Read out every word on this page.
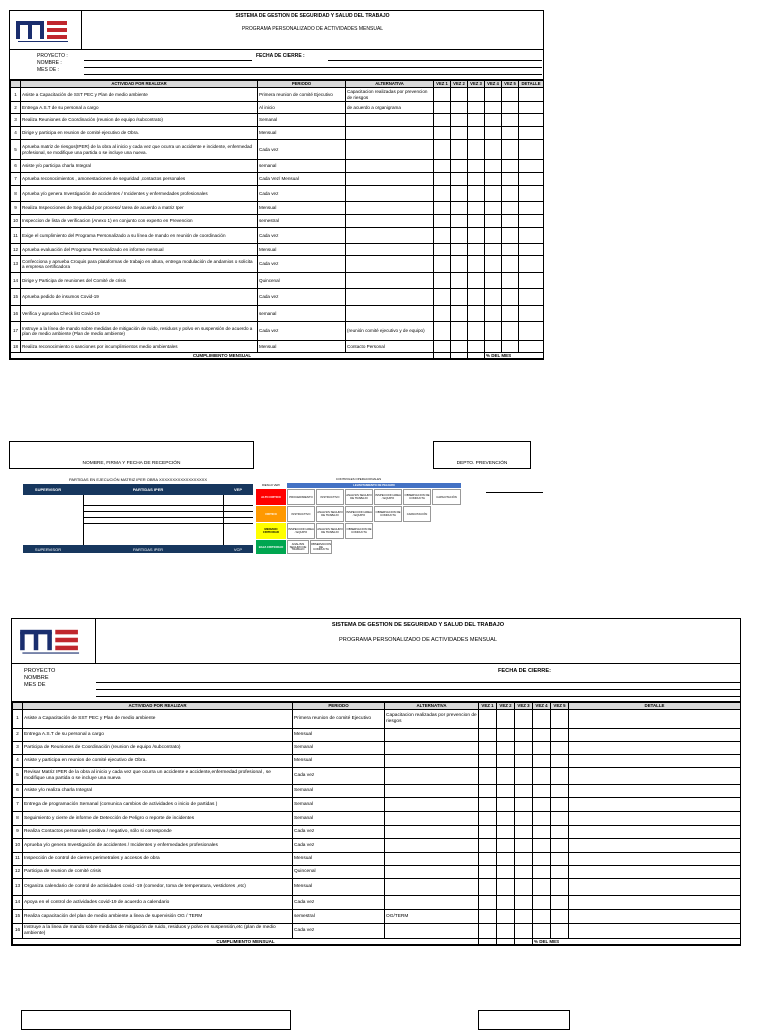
SISTEMA DE GESTION DE SEGURIDAD Y SALUD DEL TRABAJO
PROGRAMA PERSONALIZADO DE ACTIVIDADES MENSUAL
PROYECTO :
NOMBRE :
MES DE :
FECHA DE CIERRE :
	ACTIVIDAD POR REALIZAR	PERIODO	ALTERNATIVA	VEZ 1	VEZ 2	VEZ 3	VEZ 4	VEZ 5	DETALLE
1	Asiste a Capacitación de SST PEC y Plan de medio ambiente	Primera reunion de comité Ejecutivo	Capacitacion realizadas por prevencion de riesgos						
2	Entrega A.S.T de su personal a cargo	Al inicio	de acuerdo a organigrama						
3	Realiza Reuniones de Coordinación (reunion de equipo /subcontrato)	Semanal							
4	Dirige y participa en reunion de comité ejecutivo de Obra.	Mensual							
5	Aprueba matriz de riesgos(IPER) de la obra al inicio y cada vez que ocurra un accidente e incidente, enfermedad profesional, se modifique una partida o se incluye una nueva.	Cada vez							
6	Asiste y/o participa charla Integral	semanal							
7	Aprueba reconocimientos , amonestaciones de seguridad ,contactos personales	Cada Vez/ Mensual							
8	Aprueba y/o genera Investigación de accidentes / Incidentes y enfermedades profesionales	Cada vez							
9	Realiza Inspecciones de Seguridad por proceso/ tarea de acuerdo a matriz Iper	Mensual							
10	Inspeccion de lista de verificacion (Anexo 1) en conjunto con experto en Prevencion	semestral							
11	Exige el cumplimiento del Programa Personalizado a su línea de mando en reunión de coordinación	Cada vez							
12	Aprueba evaluación del Programa Personalizado en informe mensual	Mensual							
13	Confecciona y aprueba Croquis para plataformas de trabajo en altura, entrega modulación de andamios o solicita a empresa certificadora	Cada vez							
14	Dirige y Participa de reuniones del Comité de crisis	Quincenal							
15	Aprueba pedido de insumos Covid-19	Cada vez							
16	Verifica y aprueba Check list Covid-19	semanal							
17	Instruye a la línea de mando sobre medidas de mitigación de ruido, residuos y polvo en suspensión de acuerdo a plan de medio ambiente (Plan de medio ambiente)	Cada vez	(reunión comité ejecutivo y de equipo)						
18	Realiza reconocimiento o sanciones por incumplimientos medio ambientales	Mensual	Contacto Personal						
CUMPLIMIENTO MENSUAL							% DEL MES		
NOMBRE, FIRMA Y FECHA DE RECEPCIÓN	DEPTO. PREVENCIÓN
PARTIDAS EN EJECUCIÓN MATRIZ IPER OBRA XXXXXXXXXXXXXXXXXX
SUPERVISOR	PARTIDAS IPER	VEP
SUPERVISOR	PARTIDAS IPER	VCP
CONTROLES OPERACIONALES
RIESGO VEPI	LEVANTAMIENTO DE PELIGRO
ALTO CRITICO
CRITICO
MEDIANO CRITICIDAD
BAJA CRITICIDAD
PROCEDIMIENTO	INSTRUCTIVO	ANALISIS SEGURO DE TRABAJO
INSPECCION AREA / EQUIPO
OBSERVACION DE CONDUCTA	CAPACITACIÓN
INSTRUCTIVO	ANALISIS SEGURO DE TRABAJO
INSPECCION AREA / EQUIPO
OBSERVACION DE CONDUCTA	CAPACITACIÓN
INSPECCION AREA / EQUIPO
ANALISIS SEGURO DE TRABAJO
OBSERVACION DE CONDUCTA
ANALISIS SEGURO DE TRABAJO
OBSERVACION DE CONDUCTA
SISTEMA DE GESTION DE SEGURIDAD Y SALUD DEL TRABAJO
PROGRAMA PERSONALIZADO DE ACTIVIDADES MENSUAL
PROYECTO
NOMBRE
MES DE
FECHA DE CIERRE:
	ACTIVIDAD POR REALIZAR	PERIODO	ALTERNATIVA	VEZ 1	VEZ 2	VEZ 3	VEZ 4	VEZ 5	DETALLE
1	Asiste a Capacitación de SST PEC y Plan de medio ambiente	Primera reunion de comité Ejecutivo	Capacitacion realizadas por prevencion de riesgos						
2	Entrega A.S.T de su personal a cargo	Mensual							
3	Participa de Reuniones de Coordinación (reunion de equipo /subcontrato)	Semanal							
4	Asiste y participa en reunion de comité ejecutivo de Obra.	Mensual							
5	Revisar Matriz IPER de la obra al inicio y cada vez que ocurra un accidente e accidente,enfermedad profesional , se modifique una partida o se incluye una nueva	Cada vez							
6	Asiste y/o realiza charla Integral	Semanal							
7	Entrega de programación Semanal (comunica cambios de actividades o inicio de partidas )	Semanal							
8	Seguimiento y cierre de informe de Detección de Peligro o reporte de incidentes	Semanal							
9	Realiza Contactos personales positiva / negativo, sólo si corresponde	Cada vez							
10	Aprueba y/o genera Investigación de accidentes / Incidentes y enfermedades profesionales	Cada vez							
11	Inspección de control de cierres perimetrales y accesos de obra	Mensual							
12	Participa de reunion de comité crisis	Quincenal							
13	Organiza calendario de control de actividades covid -19 (comedor, toma de temperatura, vestidores ,etc)	Mensual							
14	Apoya en el control de actividades covid-19 de acuerdo a calendario	Cada vez							
15	Realiza capacitación del plan de medio ambiente a linea de supervisión OG / TERM	semestral	OG/TERM						
16	Instruye a la linea de mando sobre medidas de mitigación de ruido, residuos y polvo en suspensión,etc (plan de medio ambiente)	Cada vez							
CUMPLIMIENTO MENSUAL							% DEL MES		
